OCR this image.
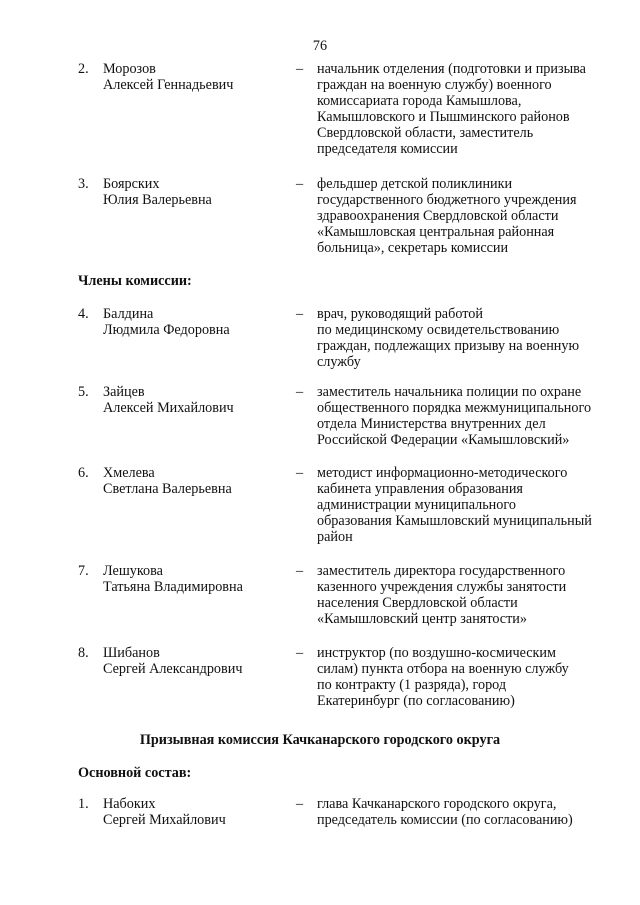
76
2. Морозов
Алексей Геннадьевич
– начальник отделения (подготовки и призыва
граждан на военную службу) военного
комиссариата города Камышлова,
Камышловского и Пышминского районов
Свердловской области, заместитель
председателя комиссии
3. Боярских
Юлия Валерьевна
– фельдшер детской поликлиники
государственного бюджетного учреждения
здравоохранения Свердловской области
«Камышловская центральная районная
больница», секретарь комиссии
Члены комиссии:
4. Балдина
Людмила Федоровна
– врач, руководящий работой
по медицинскому освидетельствованию
граждан, подлежащих призыву на военную
службу
5. Зайцев
Алексей Михайлович
– заместитель начальника полиции по охране
общественного порядка межмуниципального
отдела Министерства внутренних дел
Российской Федерации «Камышловский»
6. Хмелева
Светлана Валерьевна
– методист информационно-методического
кабинета управления образования
администрации муниципального
образования Камышловский муниципальный
район
7. Лешукова
Татьяна Владимировна
– заместитель директора государственного
казенного учреждения службы занятости
населения Свердловской области
«Камышловский центр занятости»
8. Шибанов
Сергей Александрович
– инструктор (по воздушно-космическим
силам) пункта отбора на военную службу
по контракту (1 разряда), город
Екатеринбург (по согласованию)
Призывная комиссия Качканарского городского округа
Основной состав:
1. Набоких
Сергей Михайлович
– глава Качканарского городского округа,
председатель комиссии (по согласованию)
